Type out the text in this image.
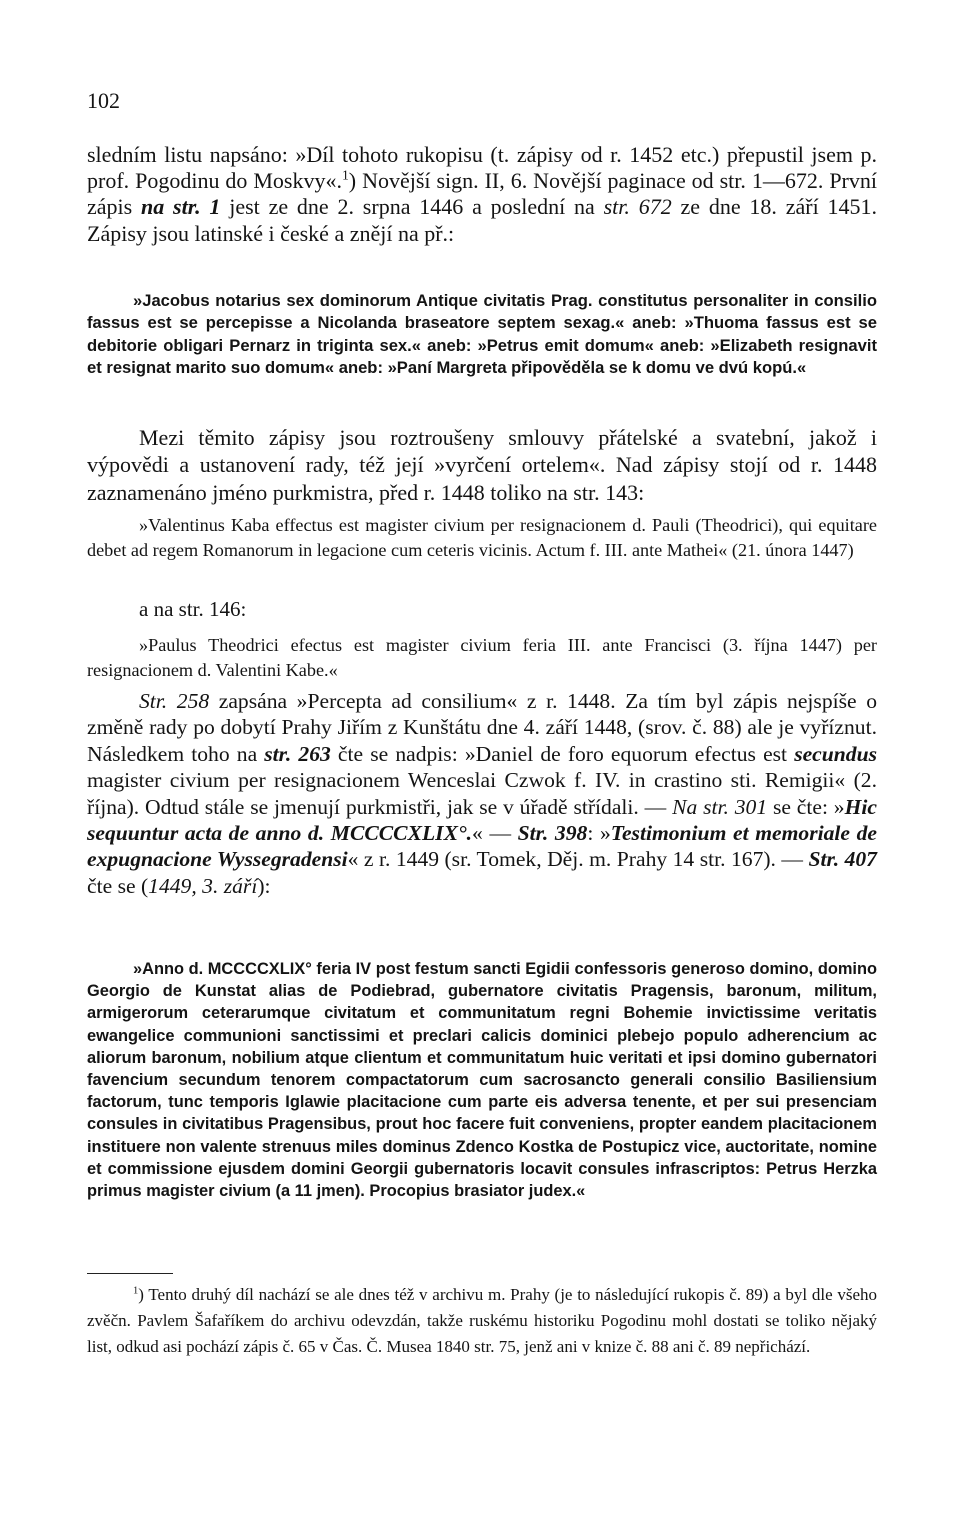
102

sledním listu napsáno: »Díl tohoto rukopisu (t. zápisy od r. 1452 etc.) přepustil jsem p. prof. Pogodinu do Moskvy«.$^1$) Novější sign. II, 6. Novější paginace od str. 1—672. První zápis na str. 1 jest ze dne 2. srpna 1446 a poslední na str. 672 ze dne 18. září 1451. Zápisy jsou latinské i české a znějí na př.:

»Jacobus notarius sex dominorum Antique civitatis Prag. constitutus personaliter in consilio fassus est se percepisse a Nicolanda braseatore septem sexag.« aneb: »Thuoma fassus est se debitorie obligari Pernarz in triginta sex.« aneb: »Petrus emit domum« aneb: »Elizabeth resignavit et resignat marito suo domum« aneb: »Paní Margreta připověděla se k domu ve dvú kopú.«

Mezi těmito zápisy jsou roztroušeny smlouvy přátelské a svatební, jakož i výpovědi a ustanovení rady, též její »vyrčení ortelem«. Nad zápisy stojí od r. 1448 zaznamenáno jméno purkmistra, před r. 1448 toliko na str. 143:

»Valentinus Kaba effectus est magister civium per resignacionem d. Pauli (Theodrici), qui equitare debet ad regem Romanorum in legacione cum ceteris vicinis. Actum f. III. ante Mathei« (21. února 1447)

a na str. 146:

»Paulus Theodrici efectus est magister civium feria III. ante Francisci (3. října 1447) per resignacionem d. Valentini Kabe.«

Str. 258 zapsána »Percepta ad consilium« z r. 1448. Za tím byl zápis nejspíše o změně rady po dobytí Prahy Jiřím z Kunštátu dne 4. září 1448, (srov. č. 88) ale je vyříznut. Následkem toho na str. 263 čte se nadpis: »Daniel de foro equorum efectus est secundus magister civium per resignacionem Wenceslai Czwok f. IV. in crastino sti. Remigii« (2. října). Odtud stále se jmenují purkmistři, jak se v úřadě střídali. — Na str. 301 se čte: »Hic sequuntur acta de anno d. MCCCCXLIX°.« — Str. 398: »Testimonium et memoriale de expugnacione Wyssegradensi« z r. 1449 (sr. Tomek, Děj. m. Prahy 14 str. 167). — Str. 407 čte se (1449, 3. září):

»Anno d. MCCCCXLIX° feria IV post festum sancti Egidii confessoris generoso domino, domino Georgio de Kunstat alias de Podiebrad, gubernatore civitatis Pragensis, baronum, militum, armigerorum ceterarumque civitatum et communitatum regni Bohemie invictissime veritatis ewangelice communioni sanctissimi et preclari calicis dominici plebejo populo adherencium ac aliorum baronum, nobilium atque clientum et communitatum huic veritati et ipsi domino gubernatori favencium secundum tenorem compactatorum cum sacrosancto generali consilio Basiliensium factorum, tunc temporis Iglawie placitacione cum parte eis adversa tenente, et per sui presenciam consules in civitatibus Pragensibus, prout hoc facere fuit conveniens, propter eandem placitacionem instituere non valente strenuus miles dominus Zdenco Kostka de Postupicz vice, auctoritate, nomine et commissione ejusdem domini Georgii gubernatoris locavit consules infrascriptos: Petrus Herzka primus magister civium (a 11 jmen). Procopius brasiator judex.«

$^1$) Tento druhý díl nachází se ale dnes též v archivu m. Prahy (je to následující rukopis č. 89) a byl dle všeho zvěčn. Pavlem Šafaříkem do archivu odevzdán, takže ruskému historiku Pogodinu mohl dostati se toliko nějaký list, odkud asi pochází zápis č. 65 v Čas. Č. Musea 1840 str. 75, jenž ani v knize č. 88 ani č. 89 nepřichází.
